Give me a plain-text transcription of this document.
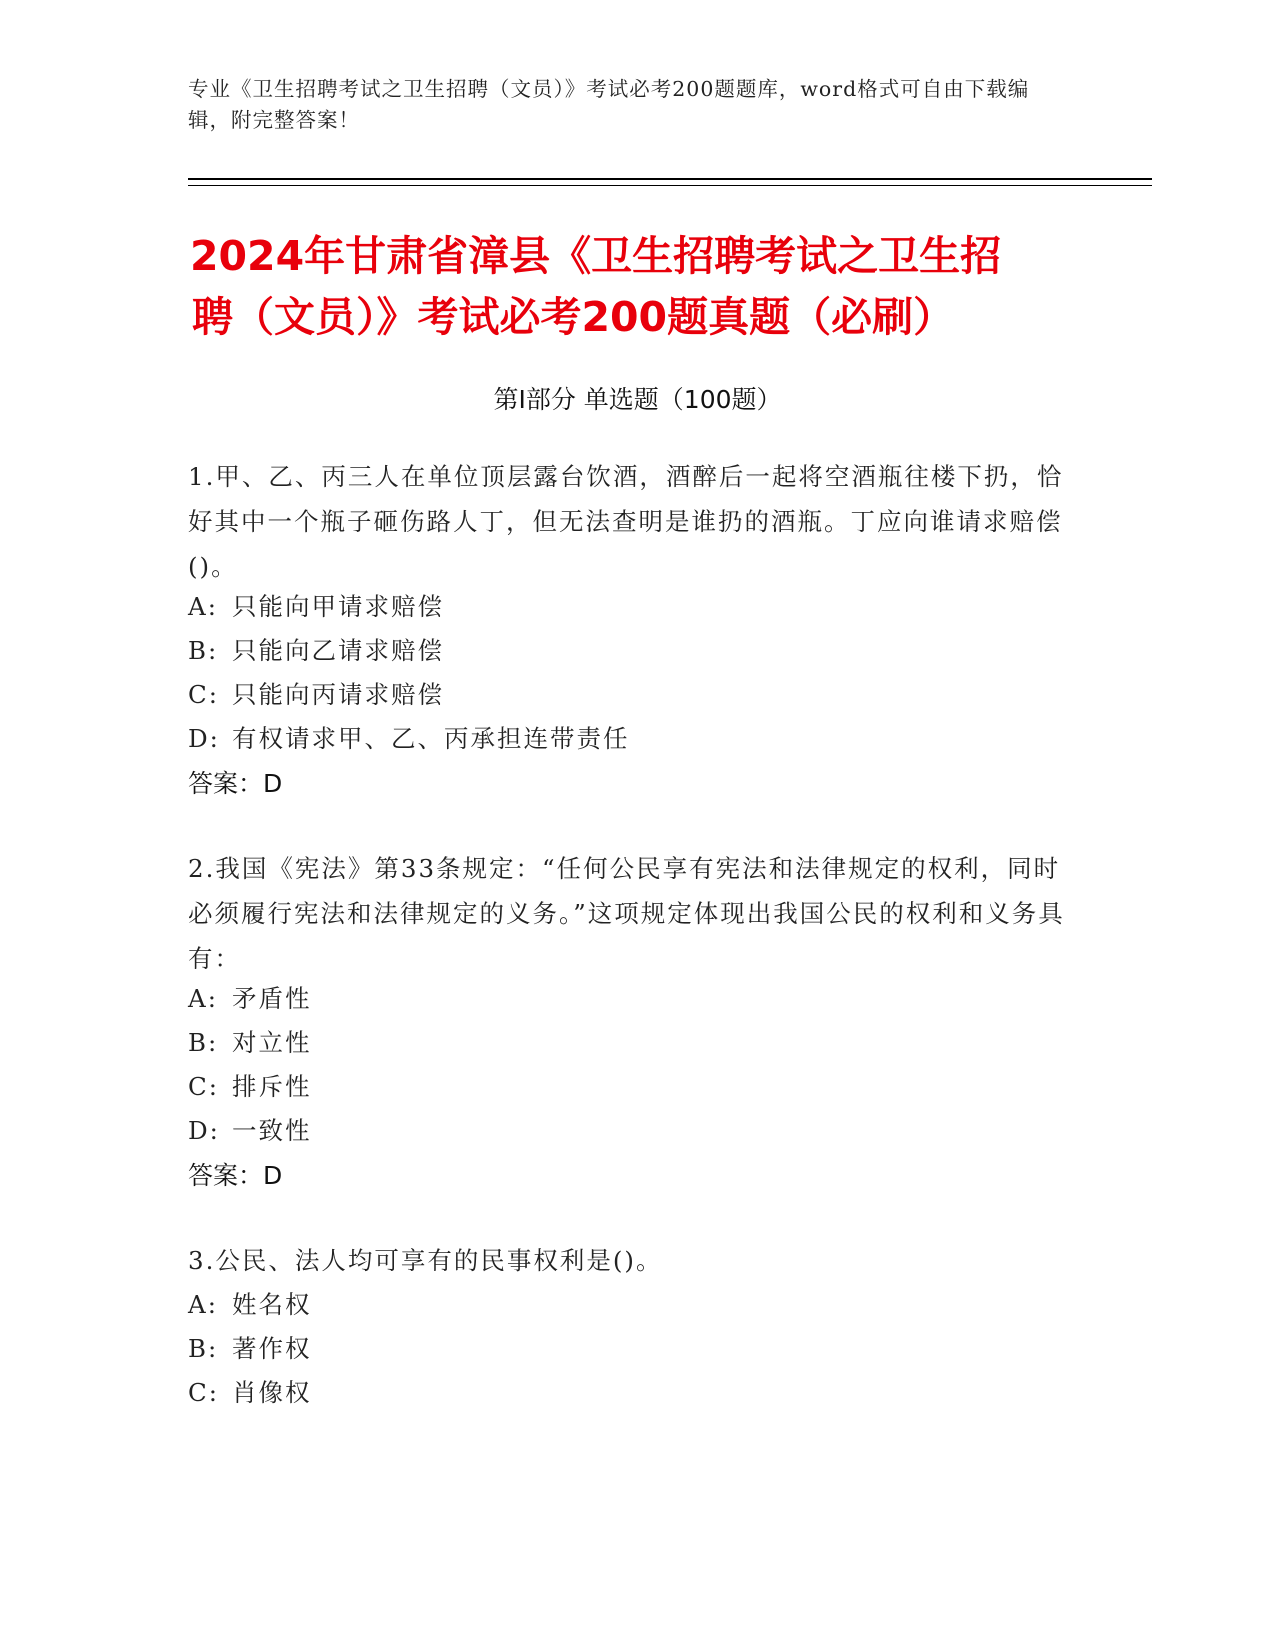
专业《卫生招聘考试之卫生招聘（文员）》考试必考200题题库，word格式可自由下载编辑，附完整答案！
2024年甘肃省漳县《卫生招聘考试之卫生招
聘（文员）》考试必考200题真题（必刷）
第I部分 单选题（100题）
1.甲、乙、丙三人在单位顶层露台饮酒，酒醉后一起将空酒瓶往楼下扔，恰好其中一个瓶子砸伤路人丁，但无法查明是谁扔的酒瓶。丁应向谁请求赔偿()。
A: 只能向甲请求赔偿
B: 只能向乙请求赔偿
C: 只能向丙请求赔偿
D: 有权请求甲、乙、丙承担连带责任
答案：D
2.我国《宪法》第33条规定：“任何公民享有宪法和法律规定的权利，同时必须履行宪法和法律规定的义务。”这项规定体现出我国公民的权利和义务具有：
A: 矛盾性
B: 对立性
C: 排斥性
D: 一致性
答案：D
3.公民、法人均可享有的民事权利是()。
A: 姓名权
B: 著作权
C: 肖像权
